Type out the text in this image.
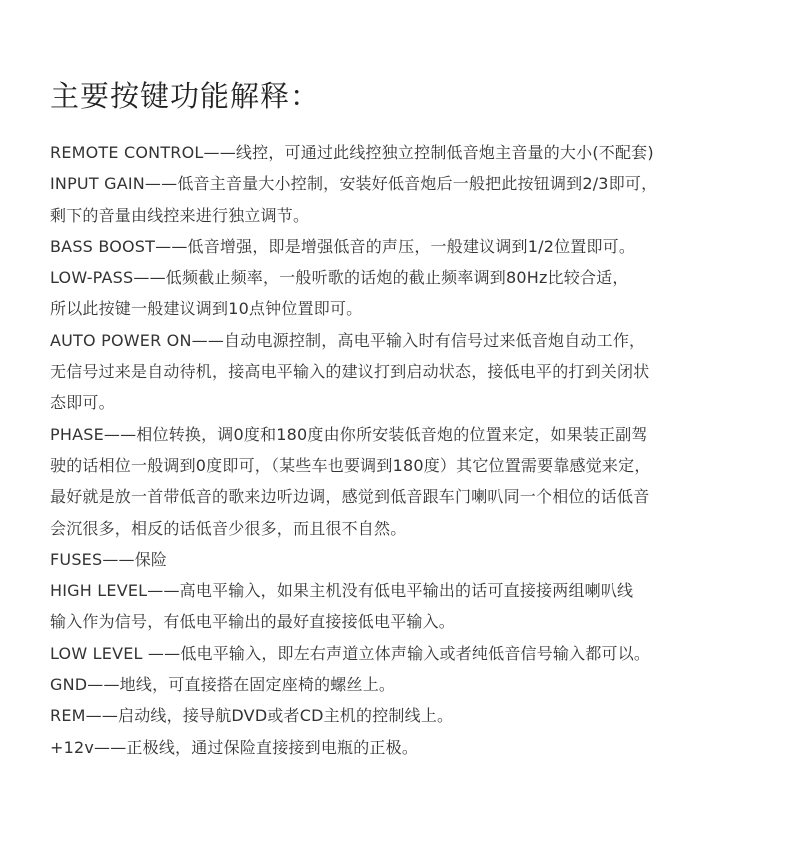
主要按键功能解释：
REMOTE CONTROL——线控，可通过此线控独立控制低音炮主音量的大小(不配套)
INPUT GAIN——低音主音量大小控制，安装好低音炮后一般把此按钮调到2/3即可，
剩下的音量由线控来进行独立调节。
BASS BOOST——低音增强，即是增强低音的声压，一般建议调到1/2位置即可。
LOW-PASS——低频截止频率，一般听歌的话炮的截止频率调到80Hz比较合适，
所以此按键一般建议调到10点钟位置即可。
AUTO POWER ON——自动电源控制，高电平输入时有信号过来低音炮自动工作，
无信号过来是自动待机，接高电平输入的建议打到启动状态，接低电平的打到关闭状
态即可。
PHASE——相位转换，调0度和180度由你所安装低音炮的位置来定，如果装正副驾
驶的话相位一般调到0度即可，（某些车也要调到180度）其它位置需要靠感觉来定，
最好就是放一首带低音的歌来边听边调，感觉到低音跟车门喇叭同一个相位的话低音
会沉很多，相反的话低音少很多，而且很不自然。
FUSES——保险
HIGH LEVEL——高电平输入，如果主机没有低电平输出的话可直接接两组喇叭线
输入作为信号，有低电平输出的最好直接接低电平输入。
LOW LEVEL ——低电平输入，即左右声道立体声输入或者纯低音信号输入都可以。
GND——地线，可直接搭在固定座椅的螺丝上。
REM——启动线，接导航DVD或者CD主机的控制线上。
+12v——正极线，通过保险直接接到电瓶的正极。
